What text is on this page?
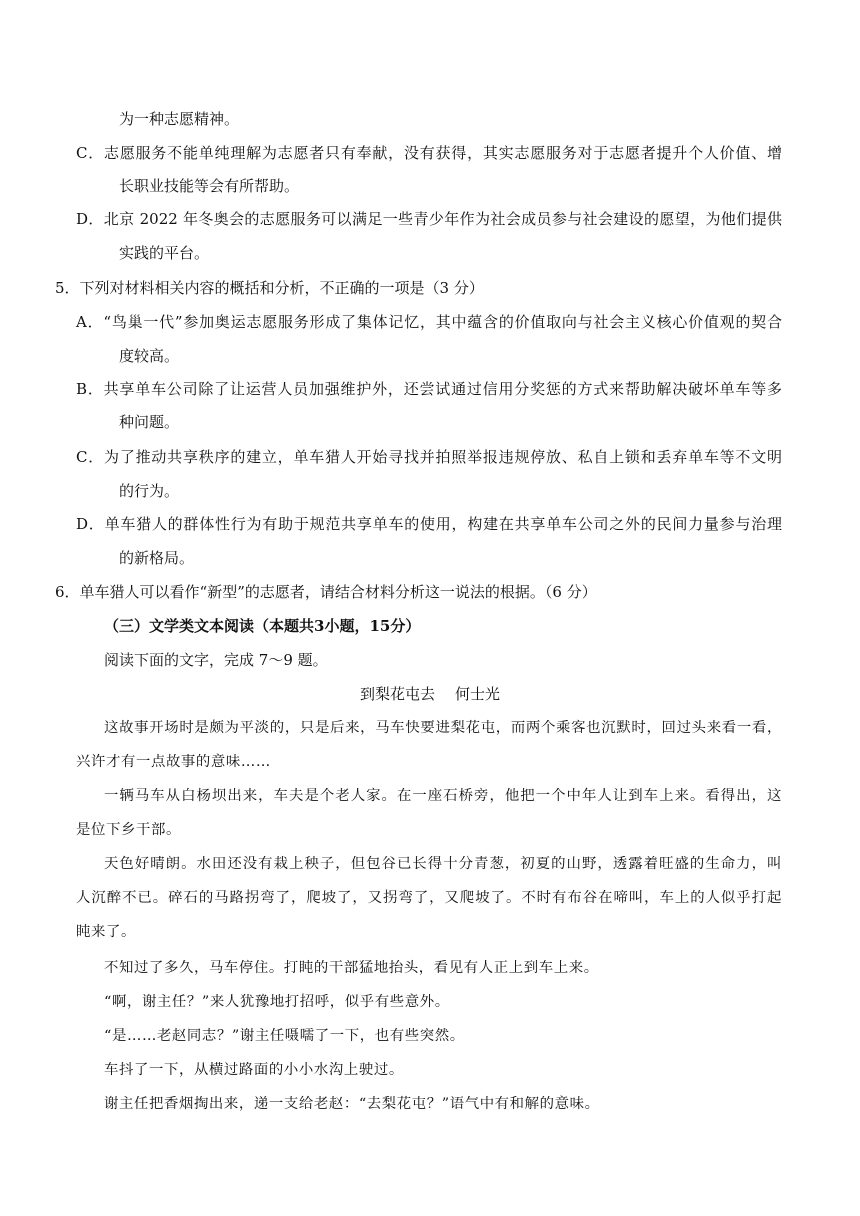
为一种志愿精神。
C．志愿服务不能单纯理解为志愿者只有奉献，没有获得，其实志愿服务对于志愿者提升个人价值、增
长职业技能等会有所帮助。
D．北京 2022 年冬奥会的志愿服务可以满足一些青少年作为社会成员参与社会建设的愿望，为他们提供
实践的平台。
5．下列对材料相关内容的概括和分析，不正确的一项是（3 分）
A．“鸟巢一代”参加奥运志愿服务形成了集体记忆，其中蕴含的价值取向与社会主义核心价值观的契合
度较高。
B．共享单车公司除了让运营人员加强维护外，还尝试通过信用分奖惩的方式来帮助解决破坏单车等多
种问题。
C．为了推动共享秩序的建立，单车猎人开始寻找并拍照举报违规停放、私自上锁和丢弃单车等不文明
的行为。
D．单车猎人的群体性行为有助于规范共享单车的使用，构建在共享单车公司之外的民间力量参与治理
的新格局。
6．单车猎人可以看作“新型”的志愿者，请结合材料分析这一说法的根据。（6 分）
（三）文学类文本阅读（本题共3小题，15分）
阅读下面的文字，完成 7～9 题。
到梨花屯去 何士光
这故事开场时是颇为平淡的，只是后来，马车快要进梨花屯，而两个乘客也沉默时，回过头来看一看，
兴许才有一点故事的意味……
一辆马车从白杨坝出来，车夫是个老人家。在一座石桥旁，他把一个中年人让到车上来。看得出，这
是位下乡干部。
天色好晴朗。水田还没有栽上秧子，但包谷已长得十分青葱，初夏的山野，透露着旺盛的生命力，叫
人沉醉不已。碎石的马路拐弯了，爬坡了，又拐弯了，又爬坡了。不时有布谷在啼叫，车上的人似乎打起
盹来了。
不知过了多久，马车停住。打盹的干部猛地抬头，看见有人正上到车上来。
“啊，谢主任？”来人犹豫地打招呼，似乎有些意外。
“是……老赵同志？”谢主任嗫嚅了一下，也有些突然。
车抖了一下，从横过路面的小小水沟上驶过。
谢主任把香烟掏出来，递一支给老赵：“去梨花屯？”语气中有和解的意味。
